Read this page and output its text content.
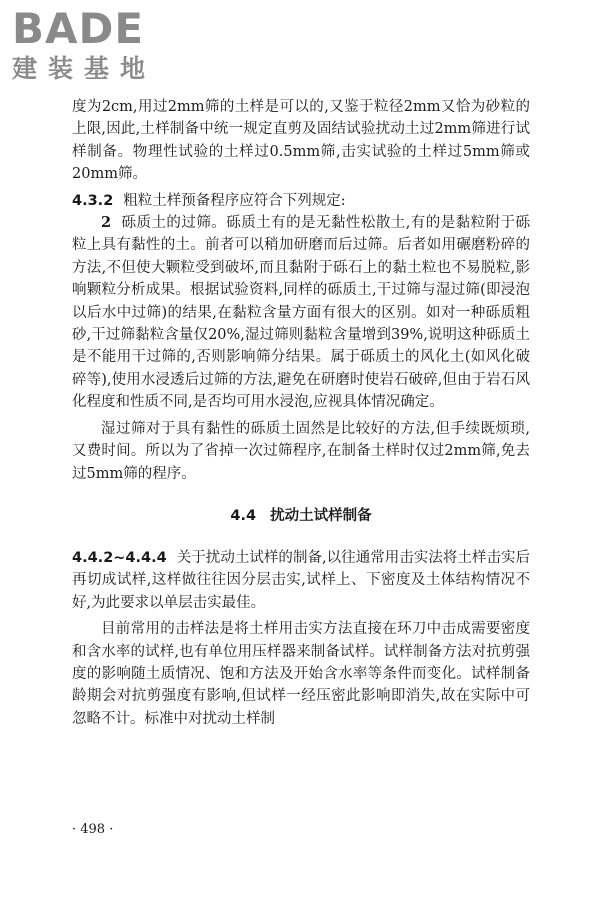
BADE
建装基地

度为2cm,用过2mm筛的土样是可以的,又鉴于粒径2mm又恰为砂粒的上限,因此,土样制备中统一规定直剪及固结试验扰动土过2mm筛进行试样制备。物理性试验的土样过0.5mm筛,击实试验的土样过5mm筛或20mm筛。

4.3.2 粗粒土样预备程序应符合下列规定:

2 砾质土的过筛。砾质土有的是无黏性松散土,有的是黏粒附于砾粒上具有黏性的土。前者可以稍加研磨而后过筛。后者如用碾磨粉碎的方法,不但使大颗粒受到破坏,而且黏附于砾石上的黏土粒也不易脱粒,影响颗粒分析成果。根据试验资料,同样的砾质土,干过筛与湿过筛(即浸泡以后水中过筛)的结果,在黏粒含量方面有很大的区别。如对一种砾质粗砂,干过筛黏粒含量仅20%,湿过筛则黏粒含量增到39%,说明这种砾质土是不能用干过筛的,否则影响筛分结果。属于砾质土的风化土(如风化破碎等),使用水浸透后过筛的方法,避免在研磨时使岩石破碎,但由于岩石风化程度和性质不同,是否均可用水浸泡,应视具体情况确定。

湿过筛对于具有黏性的砾质土固然是比较好的方法,但手续既烦琐,又费时间。所以为了省掉一次过筛程序,在制备土样时仅过2mm筛,免去过5mm筛的程序。

4.4 扰动土试样制备

4.4.2~4.4.4 关于扰动土试样的制备,以往通常用击实法将土样击实后再切成试样,这样做往往因分层击实,试样上、下密度及土体结构情况不好,为此要求以单层击实最佳。

目前常用的击样法是将土样用击实方法直接在环刀中击成需要密度和含水率的试样,也有单位用压样器来制备试样。试样制备方法对抗剪强度的影响随土质情况、饱和方法及开始含水率等条件而变化。试样制备龄期会对抗剪强度有影响,但试样一经压密此影响即消失,故在实际中可忽略不计。标准中对扰动土样制

· 498 ·
